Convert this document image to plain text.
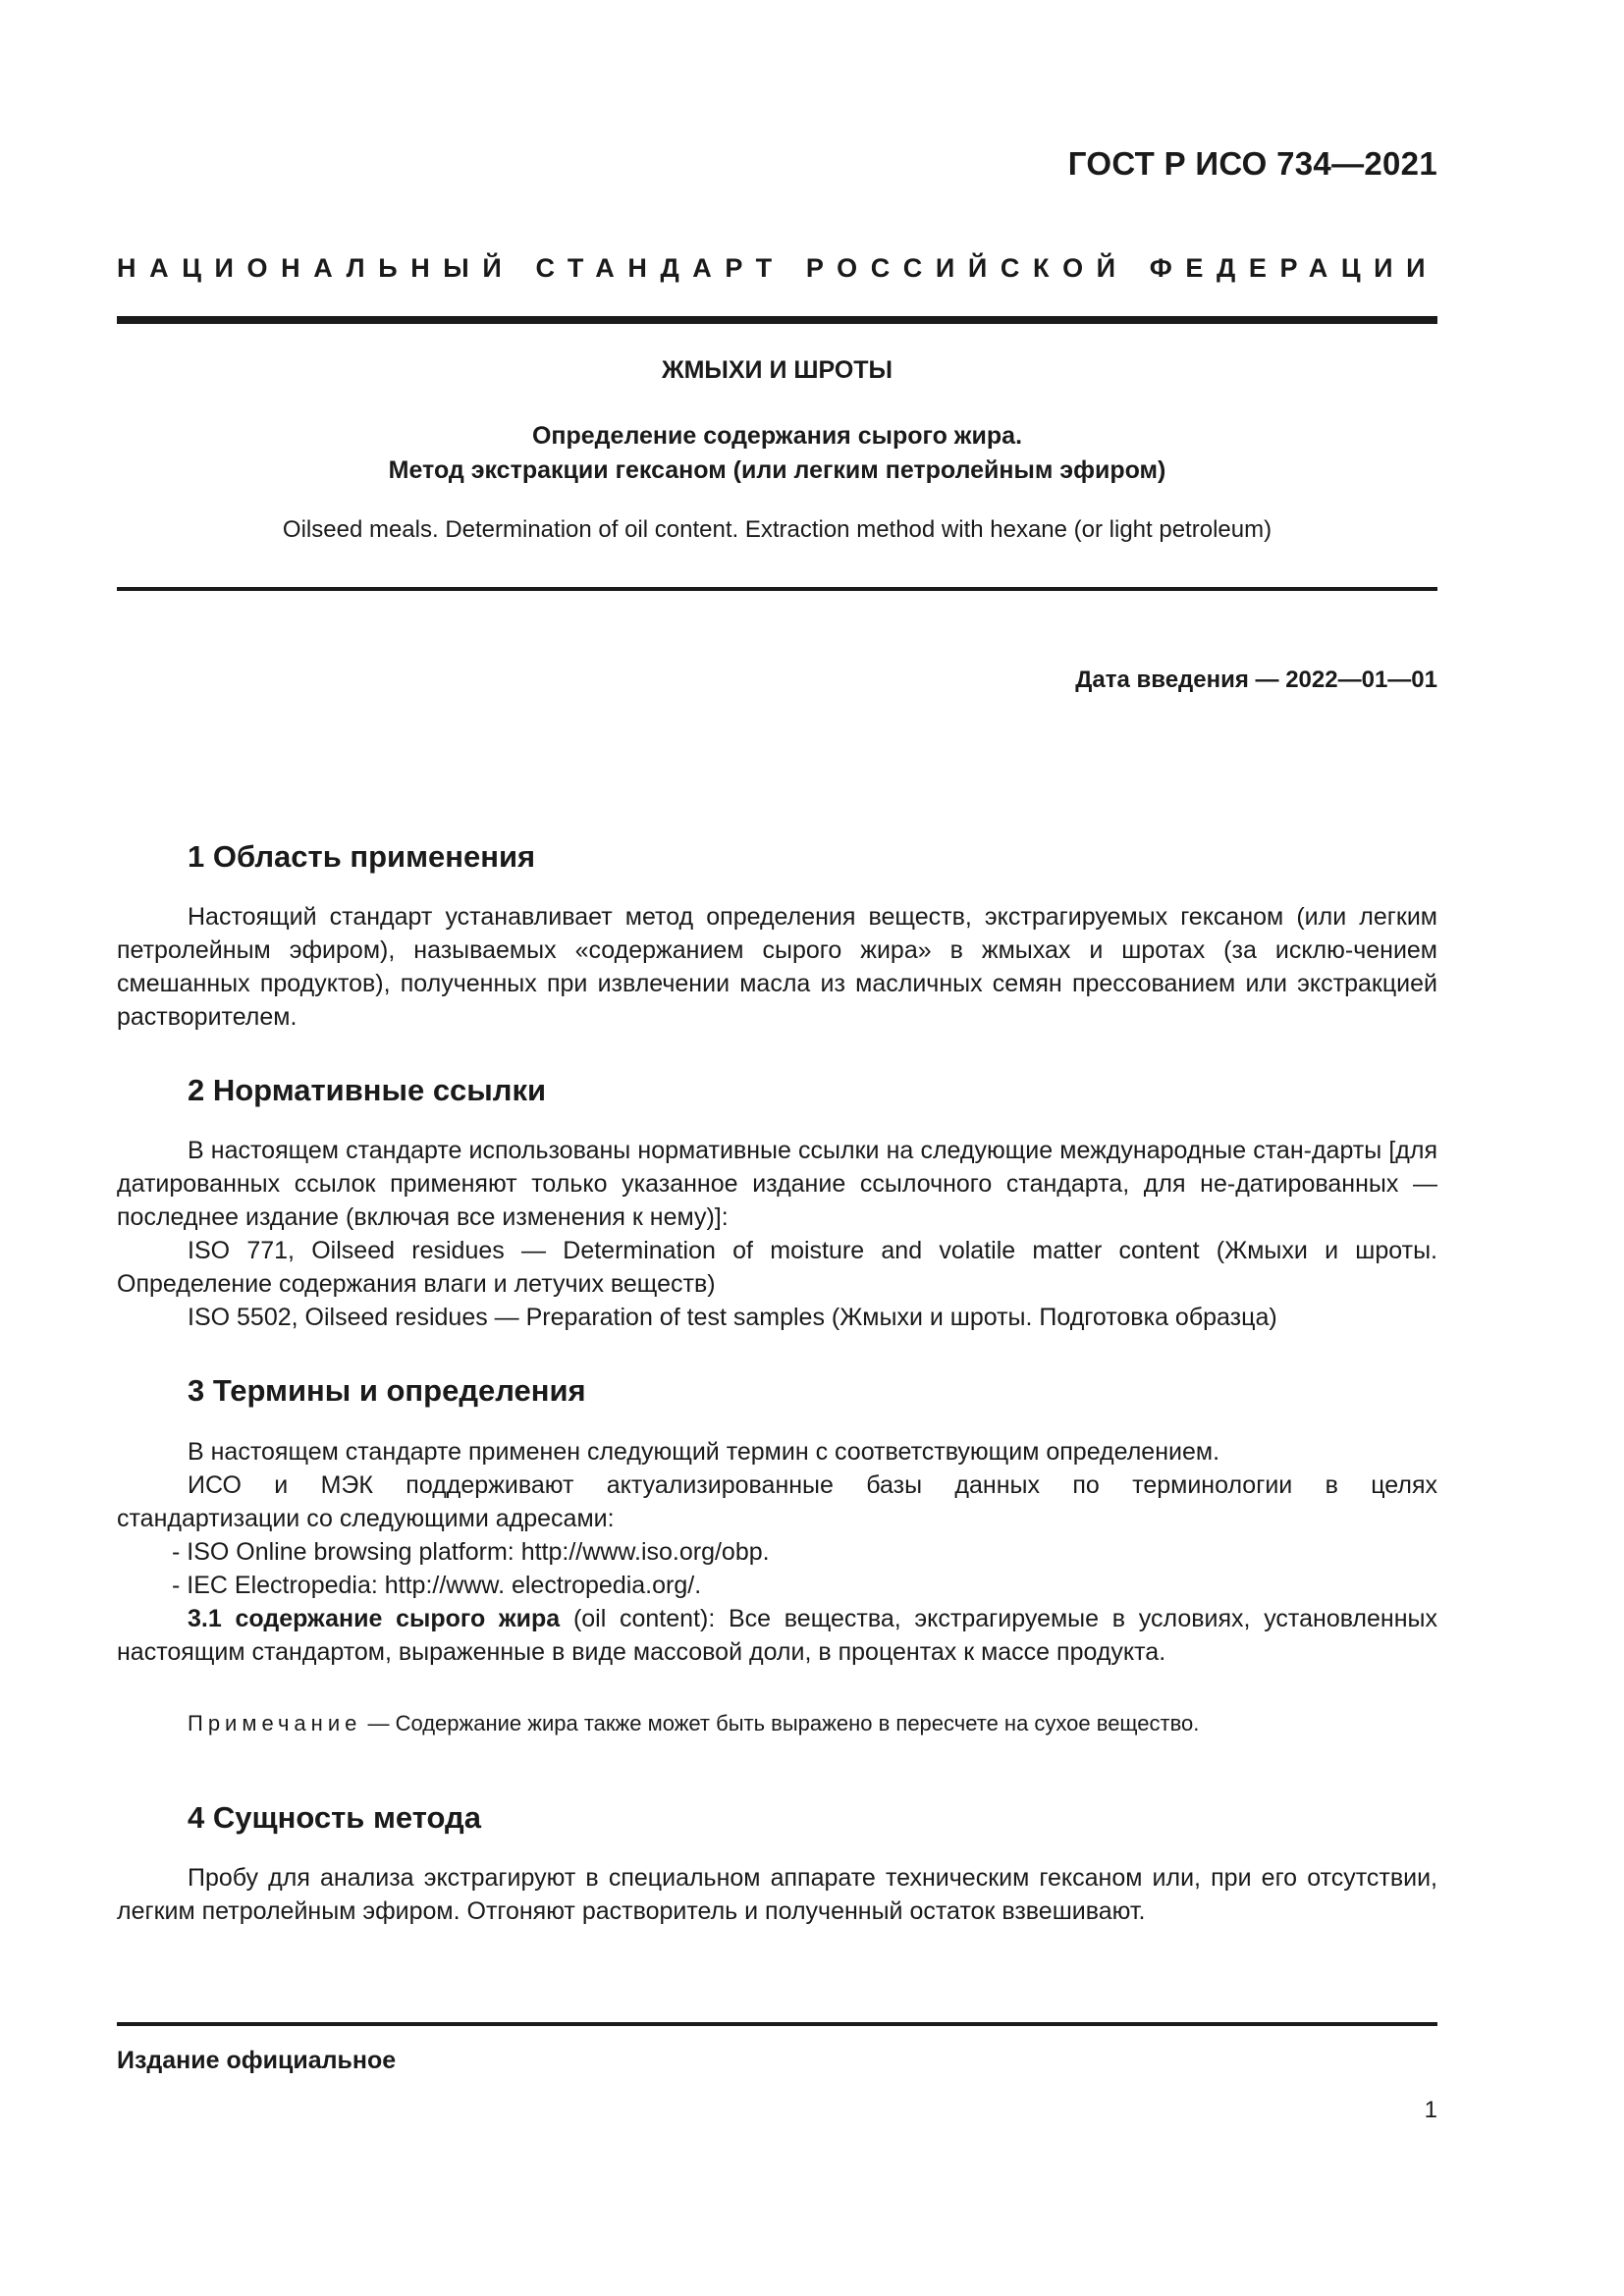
ГОСТ Р ИСО 734—2021
НАЦИОНАЛЬНЫЙ СТАНДАРТ РОССИЙСКОЙ ФЕДЕРАЦИИ
ЖМЫХИ И ШРОТЫ
Определение содержания сырого жира.
Метод экстракции гексаном (или легким петролейным эфиром)
Oilseed meals. Determination of oil content. Extraction method with hexane (or light petroleum)
Дата введения — 2022—01—01
1 Область применения
Настоящий стандарт устанавливает метод определения веществ, экстрагируемых гексаном (или легким петролейным эфиром), называемых «содержанием сырого жира» в жмыхах и шротах (за исклю-чением смешанных продуктов), полученных при извлечении масла из масличных семян прессованием или экстракцией растворителем.
2 Нормативные ссылки
В настоящем стандарте использованы нормативные ссылки на следующие международные стан-дарты [для датированных ссылок применяют только указанное издание ссылочного стандарта, для не-датированных — последнее издание (включая все изменения к нему)]:
ISO 771, Oilseed residues — Determination of moisture and volatile matter content (Жмыхи и шроты.
Определение содержания влаги и летучих веществ)
ISO 5502, Oilseed residues — Preparation of test samples (Жмыхи и шроты. Подготовка образца)
3 Термины и определения
В настоящем стандарте применен следующий термин с соответствующим определением.
ИСО и МЭК поддерживают актуализированные базы данных по терминологии в целях
стандартизации со следующими адресами:
- ISO Online browsing platform: http://www.iso.org/obp.
- IEC Electropedia: http://www. electropedia.org/.
3.1 содержание сырого жира (oil content): Все вещества, экстрагируемые в условиях, установленных настоящим стандартом, выраженные в виде массовой доли, в процентах к массе продукта.
Примечание — Содержание жира также может быть выражено в пересчете на сухое вещество.
4 Сущность метода
Пробу для анализа экстрагируют в специальном аппарате техническим гексаном или, при его отсутствии, легким петролейным эфиром. Отгоняют растворитель и полученный остаток взвешивают.
Издание официальное
1
